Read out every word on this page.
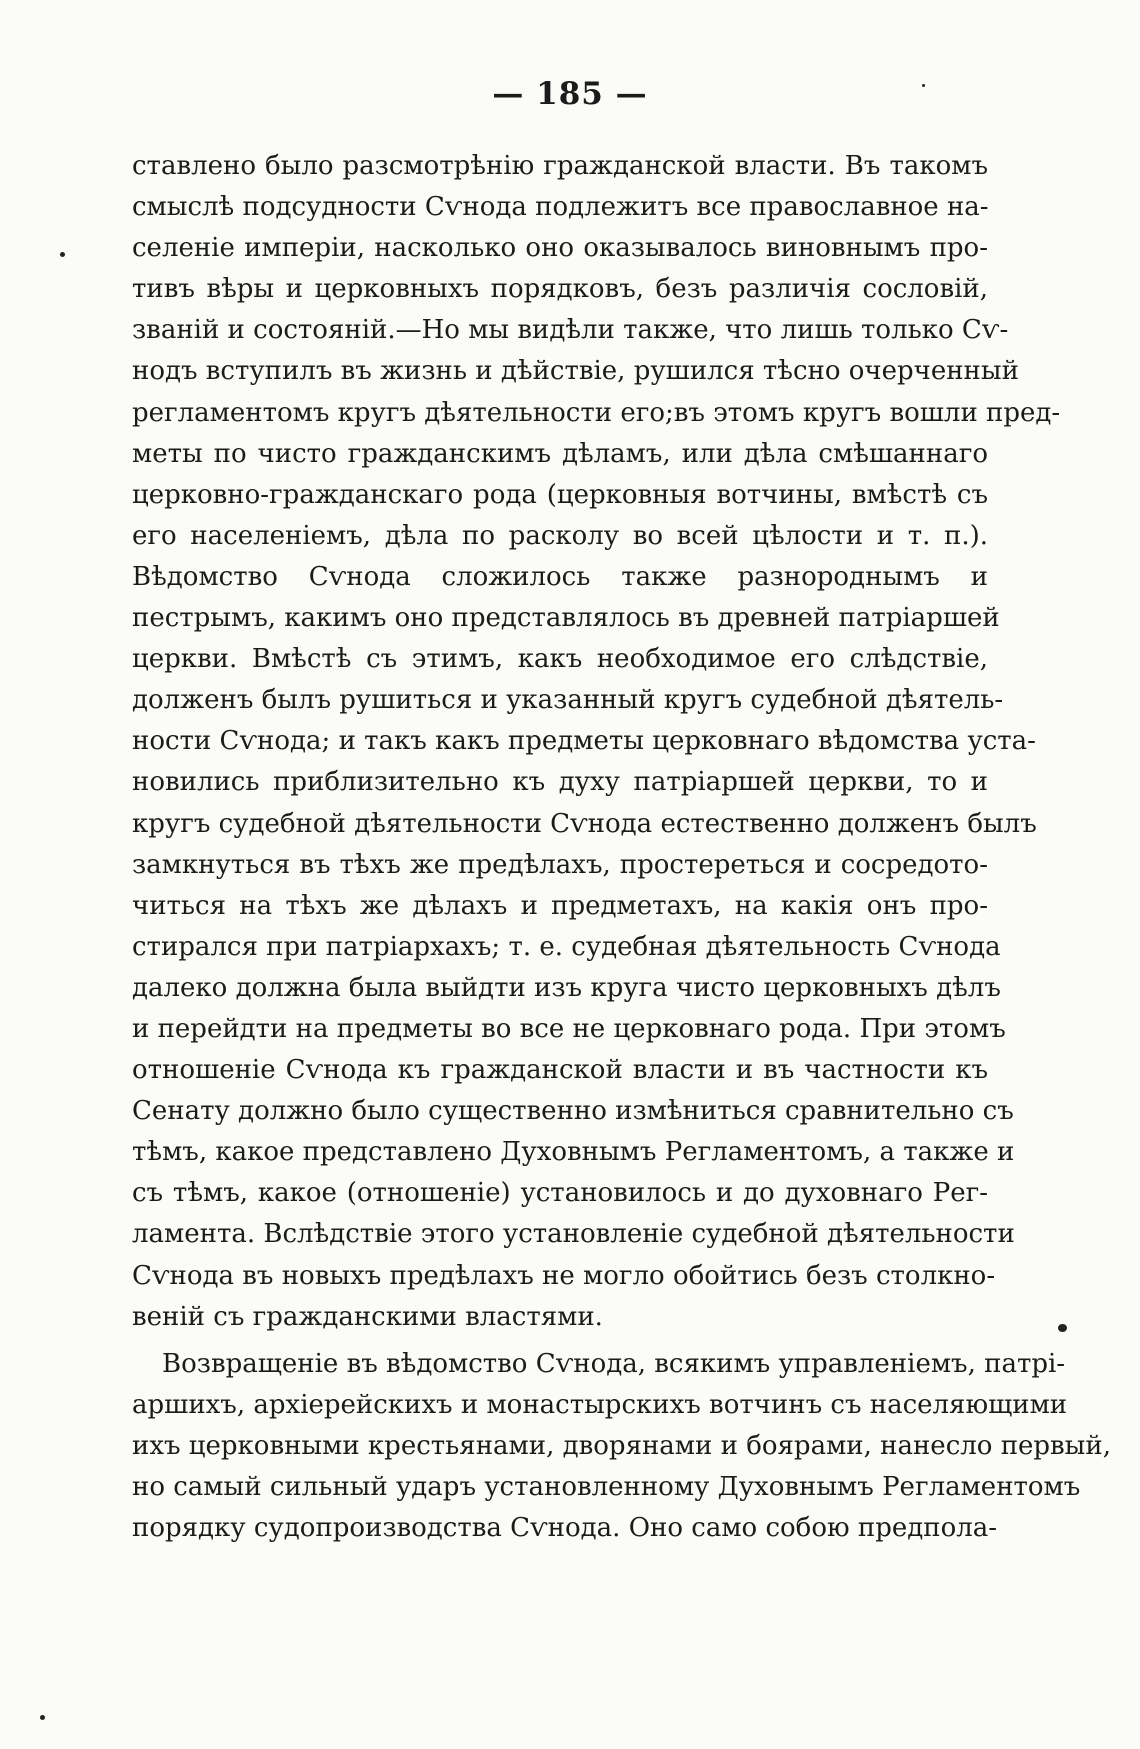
— 185 —
ставлено было разсмотрѣнію гражданской власти. Въ такомъ
смыслѣ подсудности Сѵнода подлежитъ все православное на-
селеніе имперіи, насколько оно оказывалось виновнымъ про-
тивъ вѣры и церковныхъ порядковъ, безъ различія сословій,
званій и состояній.—Но мы видѣли также, что лишь только Сѵ-
нодъ вступилъ въ жизнь и дѣйствіе, рушился тѣсно очерченный
регламентомъ кругъ дѣятельности его;въ этомъ кругъ вошли пред-
меты по чисто гражданскимъ дѣламъ, или дѣла смѣшаннаго
церковно-гражданскаго рода (церковныя вотчины, вмѣстѣ съ
его населеніемъ, дѣла по расколу во всей цѣлости и т. п.).
Вѣдомство Сѵнода сложилось также разнороднымъ и
пестрымъ, какимъ оно представлялось въ древней патріаршей
церкви. Вмѣстѣ съ этимъ, какъ необходимое его слѣдствіе,
долженъ былъ рушиться и указанный кругъ судебной дѣятель-
ности Сѵнода; и такъ какъ предметы церковнаго вѣдомства уста-
новились приблизительно къ духу патріаршей церкви, то и
кругъ судебной дѣятельности Сѵнода естественно долженъ былъ
замкнуться въ тѣхъ же предѣлахъ, простереться и сосредото-
читься на тѣхъ же дѣлахъ и предметахъ, на какія онъ про-
стирался при патріархахъ; т. е. судебная дѣятельность Сѵнода
далеко должна была выйдти изъ круга чисто церковныхъ дѣлъ
и перейдти на предметы во все не церковнаго рода. При этомъ
отношеніе Сѵнода къ гражданской власти и въ частности къ
Сенату должно было существенно измѣниться сравнительно съ
тѣмъ, какое представлено Духовнымъ Регламентомъ, а также и
съ тѣмъ, какое (отношеніе) установилось и до духовнаго Рег-
ламента. Вслѣдствіе этого установленіе судебной дѣятельности
Сѵнода въ новыхъ предѣлахъ не могло обойтись безъ столкно-
веній съ гражданскими властями.
Возвращеніе въ вѣдомство Сѵнода, всякимъ управленіемъ, патрі-
аршихъ, архіерейскихъ и монастырскихъ вотчинъ съ населяющими
ихъ церковными крестьянами, дворянами и боярами, нанесло первый,
но самый сильный ударъ установленному Духовнымъ Регламентомъ
порядку судопроизводства Сѵнода. Оно само собою предпола-
